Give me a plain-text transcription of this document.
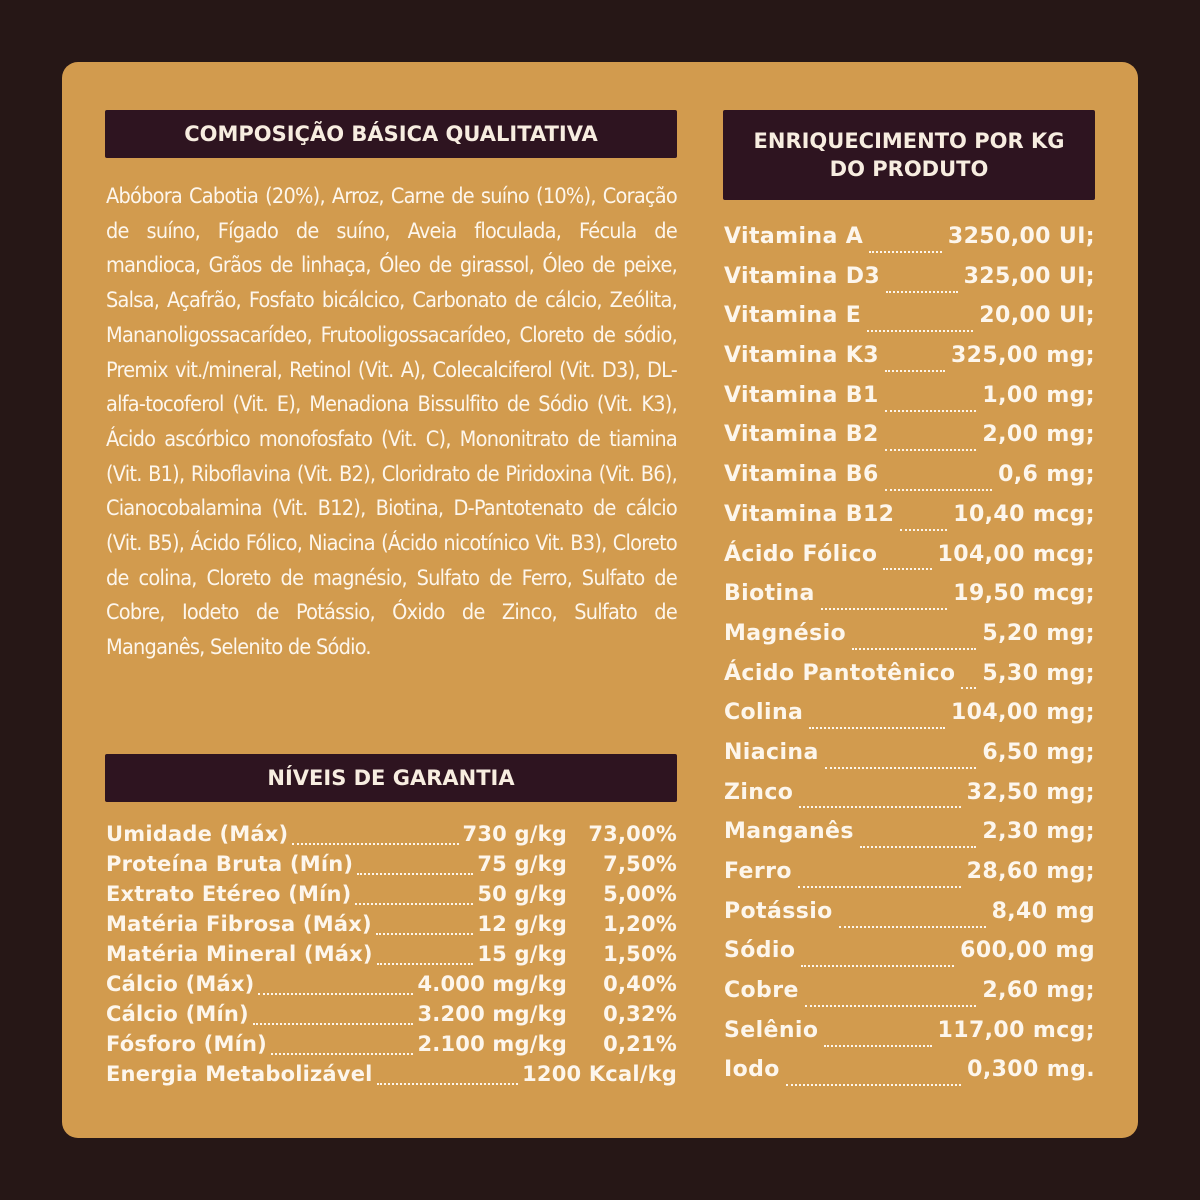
COMPOSIÇÃO BÁSICA QUALITATIVA
Abóbora Cabotia (20%), Arroz, Carne de suíno (10%), Coração de suíno, Fígado de suíno, Aveia floculada, Fécula de mandioca, Grãos de linhaça, Óleo de girassol, Óleo de peixe, Salsa, Açafrão, Fosfato bicálcico, Carbonato de cálcio, Zeólita, Mananoligossacarídeo, Frutooligossacarídeo, Cloreto de sódio, Premix vit./mineral, Retinol (Vit. A), Colecalciferol (Vit. D3), DL-alfa-tocoferol (Vit. E), Menadiona Bissulfito de Sódio (Vit. K3), Ácido ascórbico monofosfato (Vit. C), Mononitrato de tiamina (Vit. B1), Riboflavina (Vit. B2), Cloridrato de Piridoxina (Vit. B6), Cianocobalamina (Vit. B12), Biotina, D-Pantotenato de cálcio (Vit. B5), Ácido Fólico, Niacina (Ácido nicotínico Vit. B3), Cloreto de colina, Cloreto de magnésio, Sulfato de Ferro, Sulfato de Cobre, Iodeto de Potássio, Óxido de Zinco, Sulfato de Manganês, Selenito de Sódio.
NÍVEIS DE GARANTIA
Umidade (Máx)	730 g/kg	73,00%
Proteína Bruta (Mín)	75 g/kg	7,50%
Extrato Etéreo (Mín)	50 g/kg	5,00%
Matéria Fibrosa (Máx)	12 g/kg	1,20%
Matéria Mineral (Máx)	15 g/kg	1,50%
Cálcio (Máx)	4.000 mg/kg	0,40%
Cálcio (Mín)	3.200 mg/kg	0,32%
Fósforo (Mín)	2.100 mg/kg	0,21%
Energia Metabolizável	1200 Kcal/kg
ENRIQUECIMENTO POR KG DO PRODUTO
Vitamina A	3250,00 UI;
Vitamina D3	325,00 UI;
Vitamina E	20,00 UI;
Vitamina K3	325,00 mg;
Vitamina B1	1,00 mg;
Vitamina B2	2,00 mg;
Vitamina B6	0,6 mg;
Vitamina B12	10,40 mcg;
Ácido Fólico	104,00 mcg;
Biotina	19,50 mcg;
Magnésio	5,20 mg;
Ácido Pantotênico 5,30 mg;
Colina	104,00 mg;
Niacina	6,50 mg;
Zinco	32,50 mg;
Manganês	2,30 mg;
Ferro	28,60 mg;
Potássio	8,40 mg
Sódio	600,00 mg
Cobre	2,60 mg;
Selênio	117,00 mcg;
Iodo	0,300 mg.
